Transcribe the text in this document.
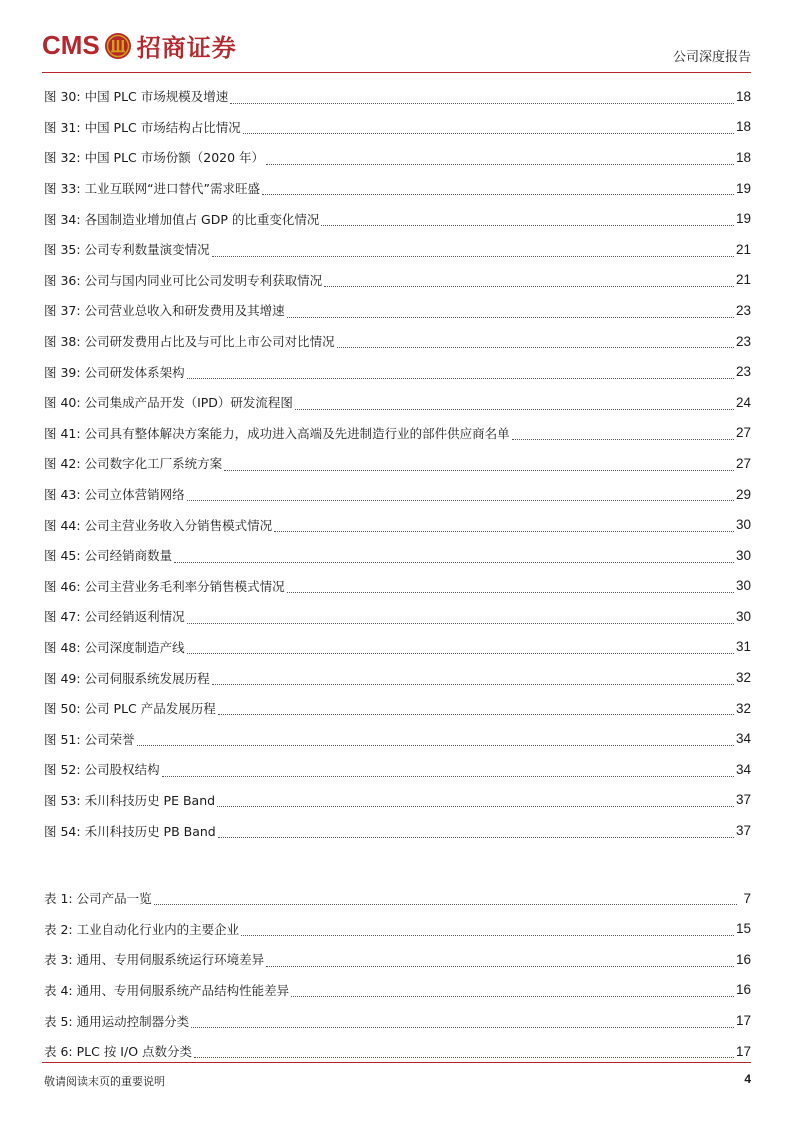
CMS 招商证券	公司深度报告
图 30: 中国 PLC 市场规模及增速	18
图 31: 中国 PLC 市场结构占比情况	18
图 32: 中国 PLC 市场份额（2020 年）	18
图 33: 工业互联网“进口替代”需求旺盛	19
图 34: 各国制造业增加值占 GDP 的比重变化情况	19
图 35: 公司专利数量演变情况	21
图 36: 公司与国内同业可比公司发明专利获取情况	21
图 37: 公司营业总收入和研发费用及其增速	23
图 38: 公司研发费用占比及与可比上市公司对比情况	23
图 39: 公司研发体系架构	23
图 40: 公司集成产品开发（IPD）研发流程图	24
图 41: 公司具有整体解决方案能力，成功进入高端及先进制造行业的部件供应商名单	27
图 42: 公司数字化工厂系统方案	27
图 43: 公司立体营销网络	29
图 44: 公司主营业务收入分销售模式情况	30
图 45: 公司经销商数量	30
图 46: 公司主营业务毛利率分销售模式情况	30
图 47: 公司经销返利情况	30
图 48: 公司深度制造产线	31
图 49: 公司伺服系统发展历程	32
图 50: 公司 PLC 产品发展历程	32
图 51: 公司荣誉	34
图 52: 公司股权结构	34
图 53: 禾川科技历史 PE Band	37
图 54: 禾川科技历史 PB Band	37
表 1: 公司产品一览	7
表 2: 工业自动化行业内的主要企业	15
表 3: 通用、专用伺服系统运行环境差异	16
表 4: 通用、专用伺服系统产品结构性能差异	16
表 5: 通用运动控制器分类	17
表 6: PLC 按 I/O 点数分类	17
敬请阅读末页的重要说明	4
